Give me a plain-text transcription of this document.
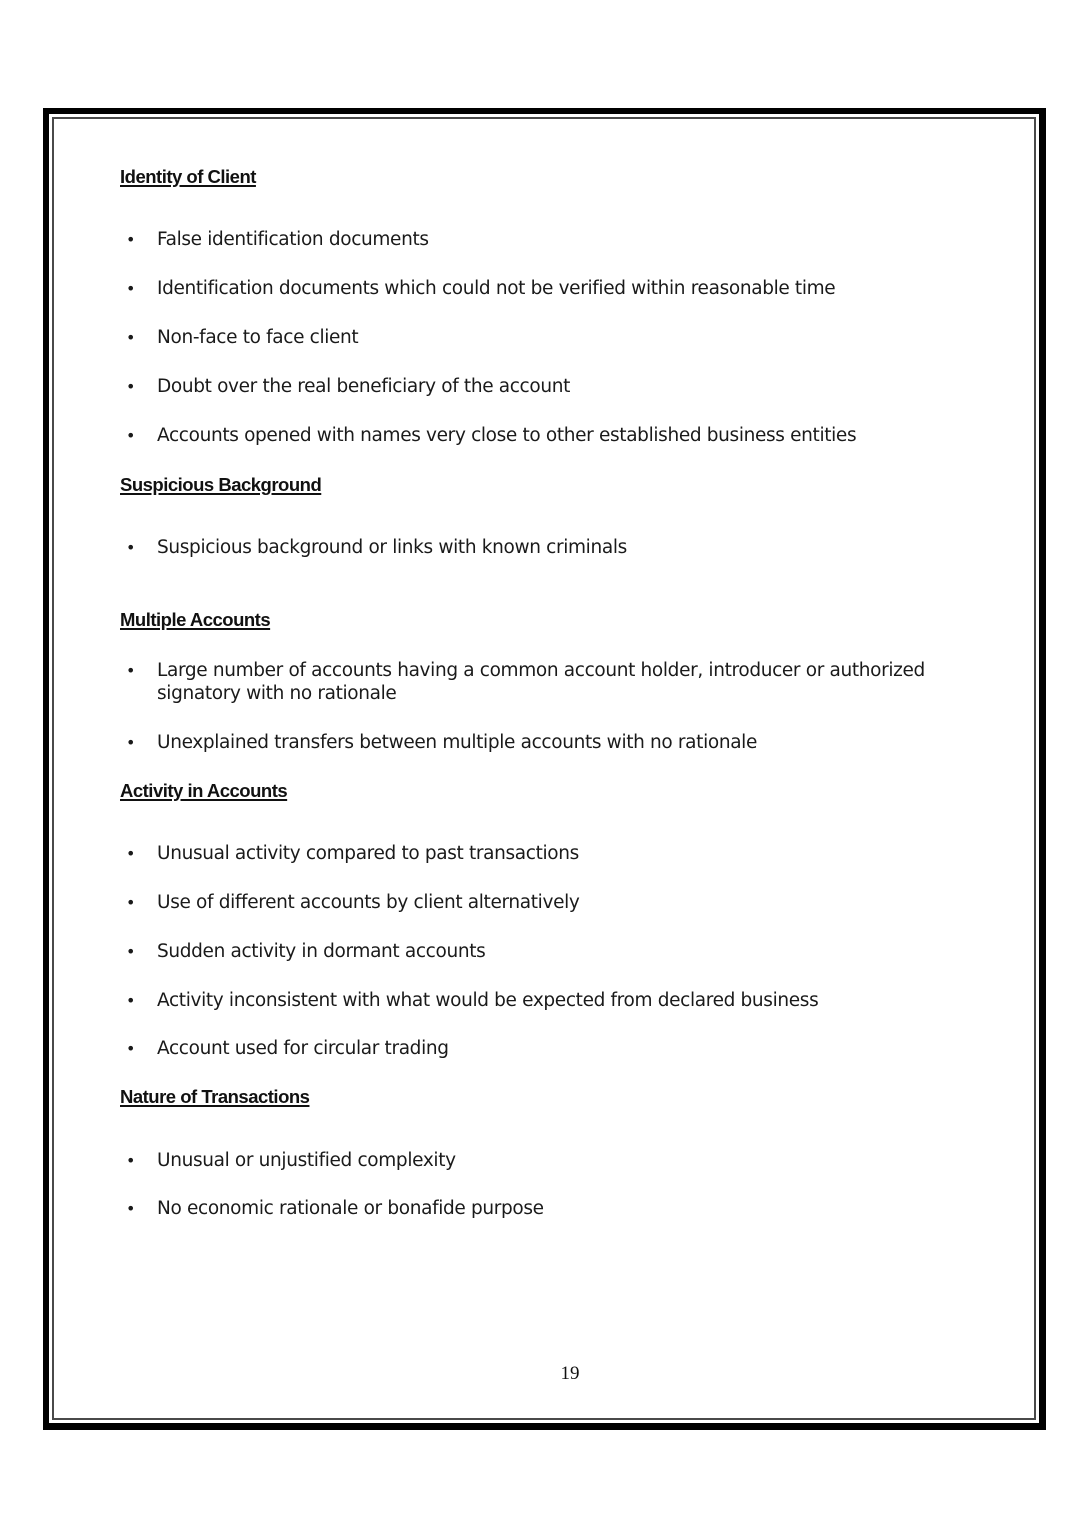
Identity of Client
• False identification documents
• Identification documents which could not be verified within reasonable time
• Non-face to face client
• Doubt over the real beneficiary of the account
• Accounts opened with names very close to other established business entities
Suspicious Background
• Suspicious background or links with known criminals
Multiple Accounts
• Large number of accounts having a common account holder, introducer or authorized signatory with no rationale
• Unexplained transfers between multiple accounts with no rationale
Activity in Accounts
• Unusual activity compared to past transactions
• Use of different accounts by client alternatively
• Sudden activity in dormant accounts
• Activity inconsistent with what would be expected from declared business
• Account used for circular trading
Nature of Transactions
• Unusual or unjustified complexity
• No economic rationale or bonafide purpose
19
